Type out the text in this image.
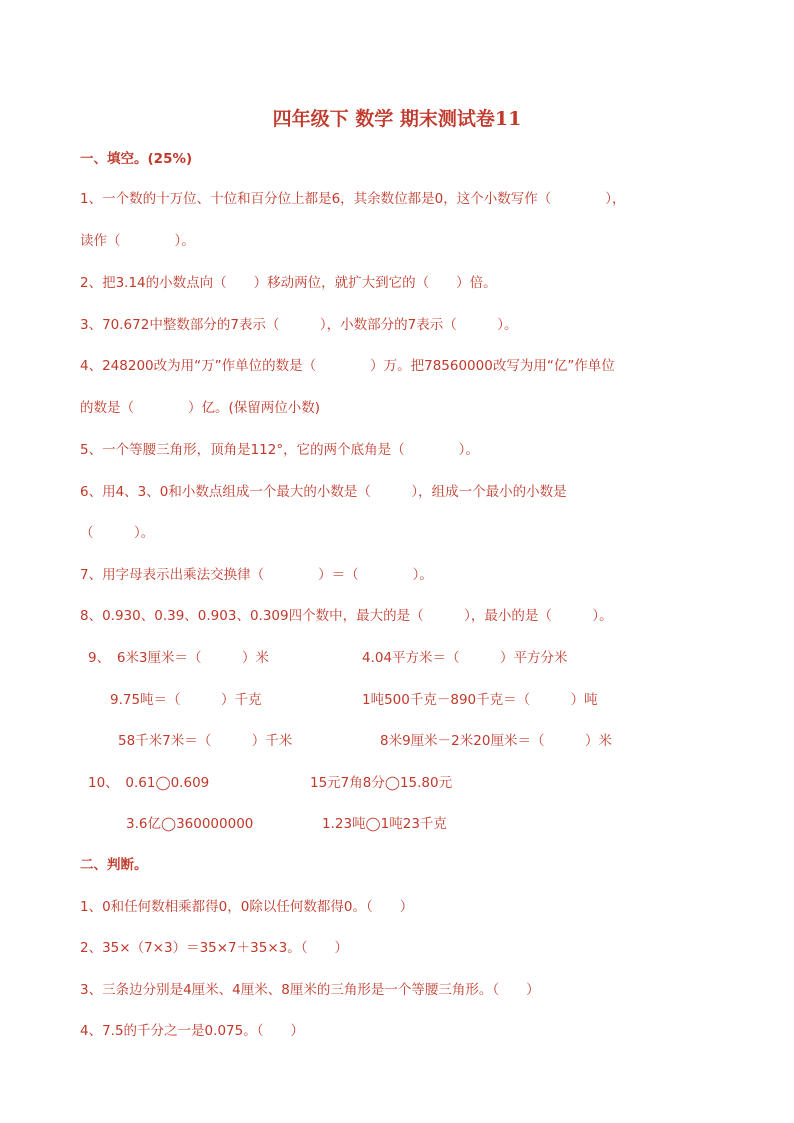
四年级下 数学 期末测试卷11
一、填空。(25%)
1、一个数的十万位、十位和百分位上都是6，其余数位都是0，这个小数写作（　　　　），
读作（　　　　）。
2、把3.14的小数点向（　　）移动两位，就扩大到它的（　　）倍。
3、70.672中整数部分的7表示（　　　），小数部分的7表示（　　　）。
4、248200改为用“万”作单位的数是（　　　　）万。把78560000改写为用“亿”作单位
的数是（　　　　）亿。(保留两位小数)
5、一个等腰三角形，顶角是112°，它的两个底角是（　　　　）。
6、用4、3、0和小数点组成一个最大的小数是（　　　），组成一个最小的小数是
（　　　）。
7、用字母表示出乘法交换律（　　　　）＝（　　　　）。
8、0.930、0.39、0.903、0.309四个数中，最大的是（　　　），最小的是（　　　）。
9、　6米3厘米＝（　　　）米	4.04平方米＝（　　　）平方分米
9.75吨＝（　　　）千克	1吨500千克－890千克＝（　　　）吨
58千米7米＝（　　　）千米	8米9厘米－2米20厘米＝（　　　）米
10、　0.61◯0.609	15元7角8分◯15.80元
3.6亿◯360000000	1.23吨◯1吨23千克
二、判断。
1、0和任何数相乘都得0，0除以任何数都得0。（　　）
2、35×（7×3）＝35×7＋35×3。（　　）
3、三条边分别是4厘米、4厘米、8厘米的三角形是一个等腰三角形。（　　）
4、7.5的千分之一是0.075。（　　）
